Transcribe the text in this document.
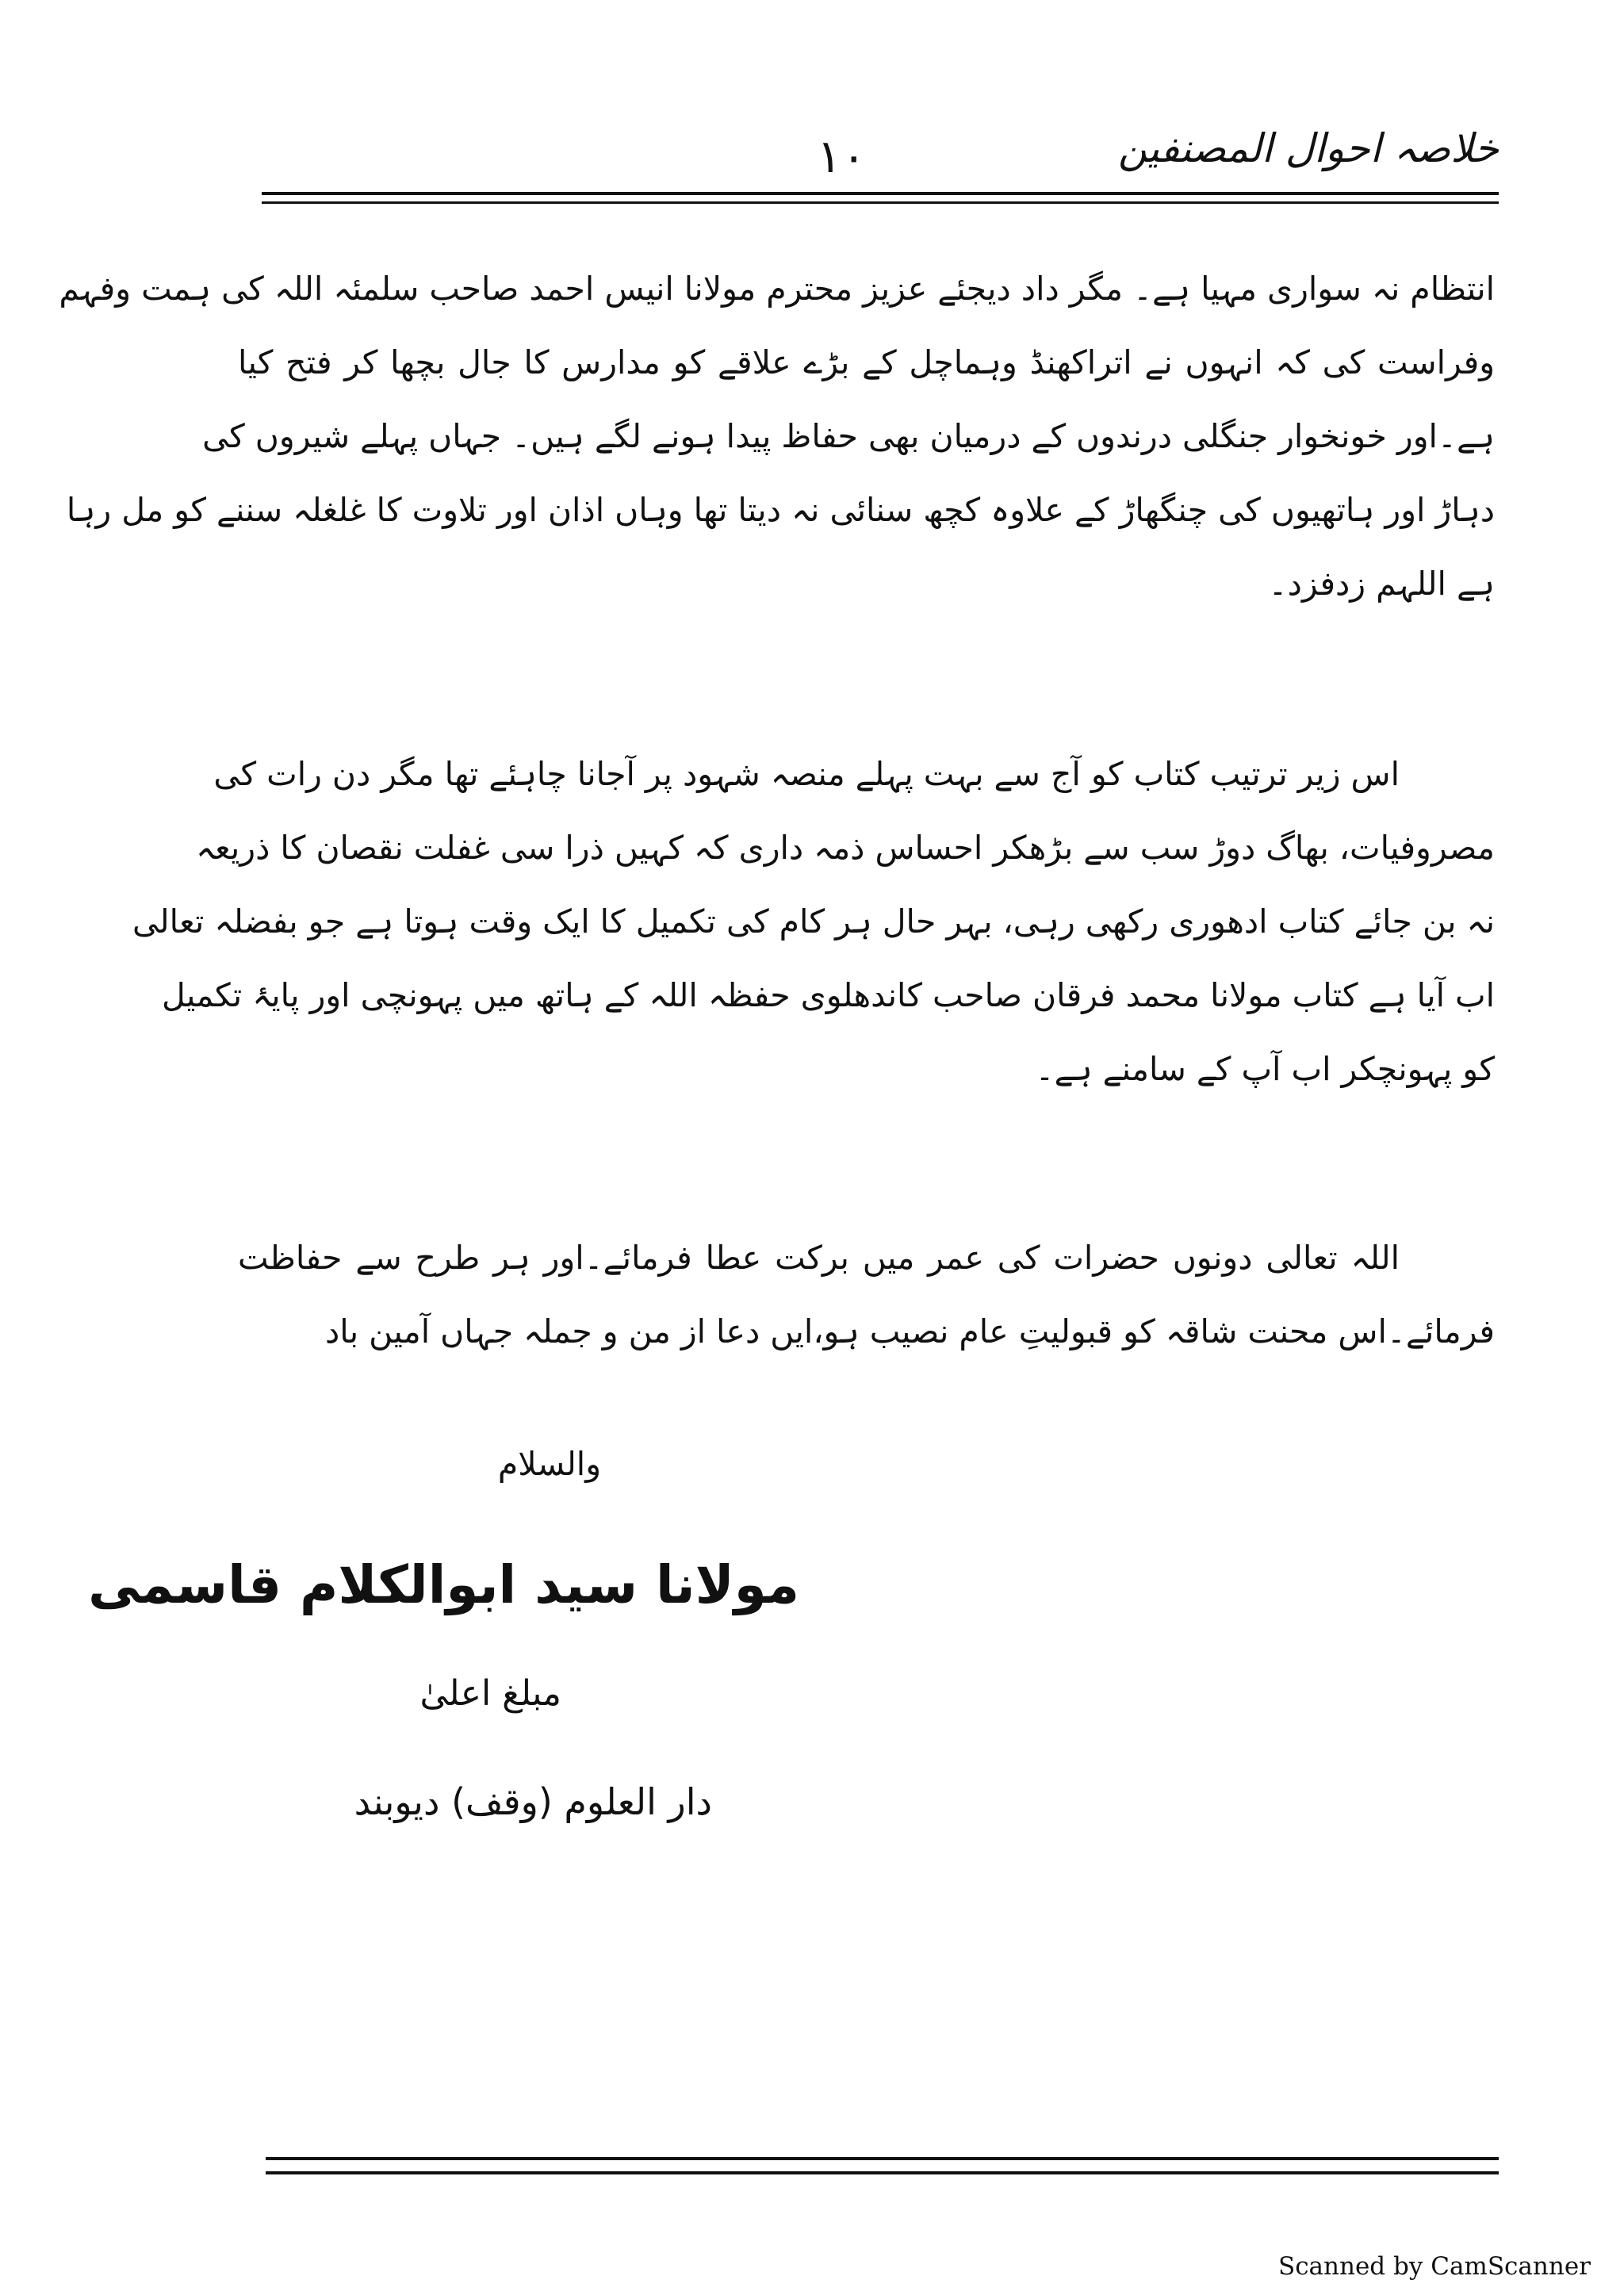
۱۰	خلاصہ احوال المصنفین

انتظام نہ سواری مہیا ہے۔ مگر داد دیجئے عزیز محترم مولانا انیس احمد صاحب سلمئہ اللہ کی ہمت وفہم
وفراست کی کہ انہوں نے اتراکھنڈ وہماچل کے بڑے علاقے کو مدارس کا جال بچھا کر فتح کیا
ہے۔اور خونخوار جنگلی درندوں کے درمیان بھی حفاظ پیدا ہونے لگے ہیں۔ جہاں پہلے شیروں کی
دہاڑ اور ہاتھیوں کی چنگھاڑ کے علاوہ کچھ سنائی نہ دیتا تھا وہاں اذان اور تلاوت کا غلغلہ سننے کو مل رہا
ہے اللہم زدفزد۔

اس زیر ترتیب کتاب کو آج سے بہت پہلے منصہ شہود پر آجانا چاہئے تھا مگر دن رات کی
مصروفیات، بھاگ دوڑ سب سے بڑھکر احساس ذمہ داری کہ کہیں ذرا سی غفلت نقصان کا ذریعہ
نہ بن جائے کتاب ادھوری رکھی رہی، بہر حال ہر کام کی تکمیل کا ایک وقت ہوتا ہے جو بفضلہ تعالی
اب آیا ہے کتاب مولانا محمد فرقان صاحب کاندھلوی حفظہ اللہ کے ہاتھ میں پہونچی اور پایۂ تکمیل
کو پہونچکر اب آپ کے سامنے ہے۔

اللہ تعالی دونوں حضرات کی عمر میں برکت عطا فرمائے۔اور ہر طرح سے حفاظت
فرمائے۔اس محنت شاقہ کو قبولیتِ عام نصیب ہو،ایں دعا از من و جملہ جہاں آمین باد

والسلام
مولانا سید ابوالکلام قاسمی
مبلغ اعلیٰ
دار العلوم (وقف) دیوبند
Scanned by CamScanner
